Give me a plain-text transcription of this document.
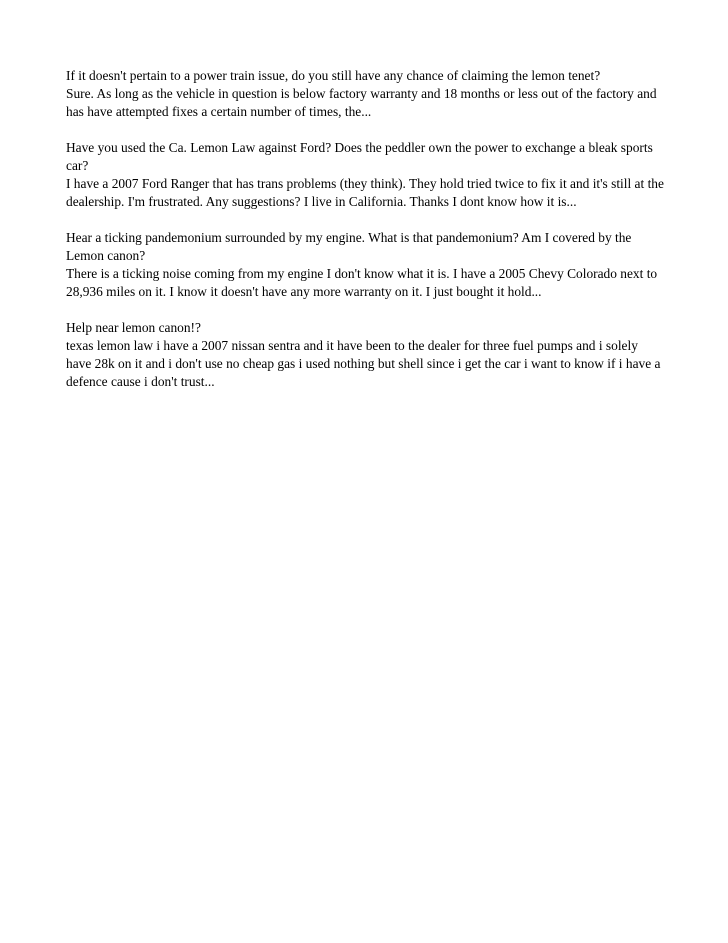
If it doesn't pertain to a power train issue, do you still have any chance of claiming the lemon tenet?
Sure. As long as the vehicle in question is below factory warranty and 18 months or less out of the factory and has have attempted fixes a certain number of times, the...
Have you used the Ca. Lemon Law against Ford? Does the peddler own the power to exchange a bleak sports car?
I have a 2007 Ford Ranger that has trans problems (they think). They hold tried twice to fix it and it's still at the dealership. I'm frustrated. Any suggestions? I live in California. Thanks I dont know how it is...
Hear a ticking pandemonium surrounded by my engine. What is that pandemonium? Am I covered by the Lemon canon?
There is a ticking noise coming from my engine I don't know what it is. I have a 2005 Chevy Colorado next to 28,936 miles on it. I know it doesn't have any more warranty on it. I just bought it hold...
Help near lemon canon!?
texas lemon law i have a 2007 nissan sentra and it have been to the dealer for three fuel pumps and i solely have 28k on it and i don't use no cheap gas i used nothing but shell since i get the car i want to know if i have a defence cause i don't trust...
